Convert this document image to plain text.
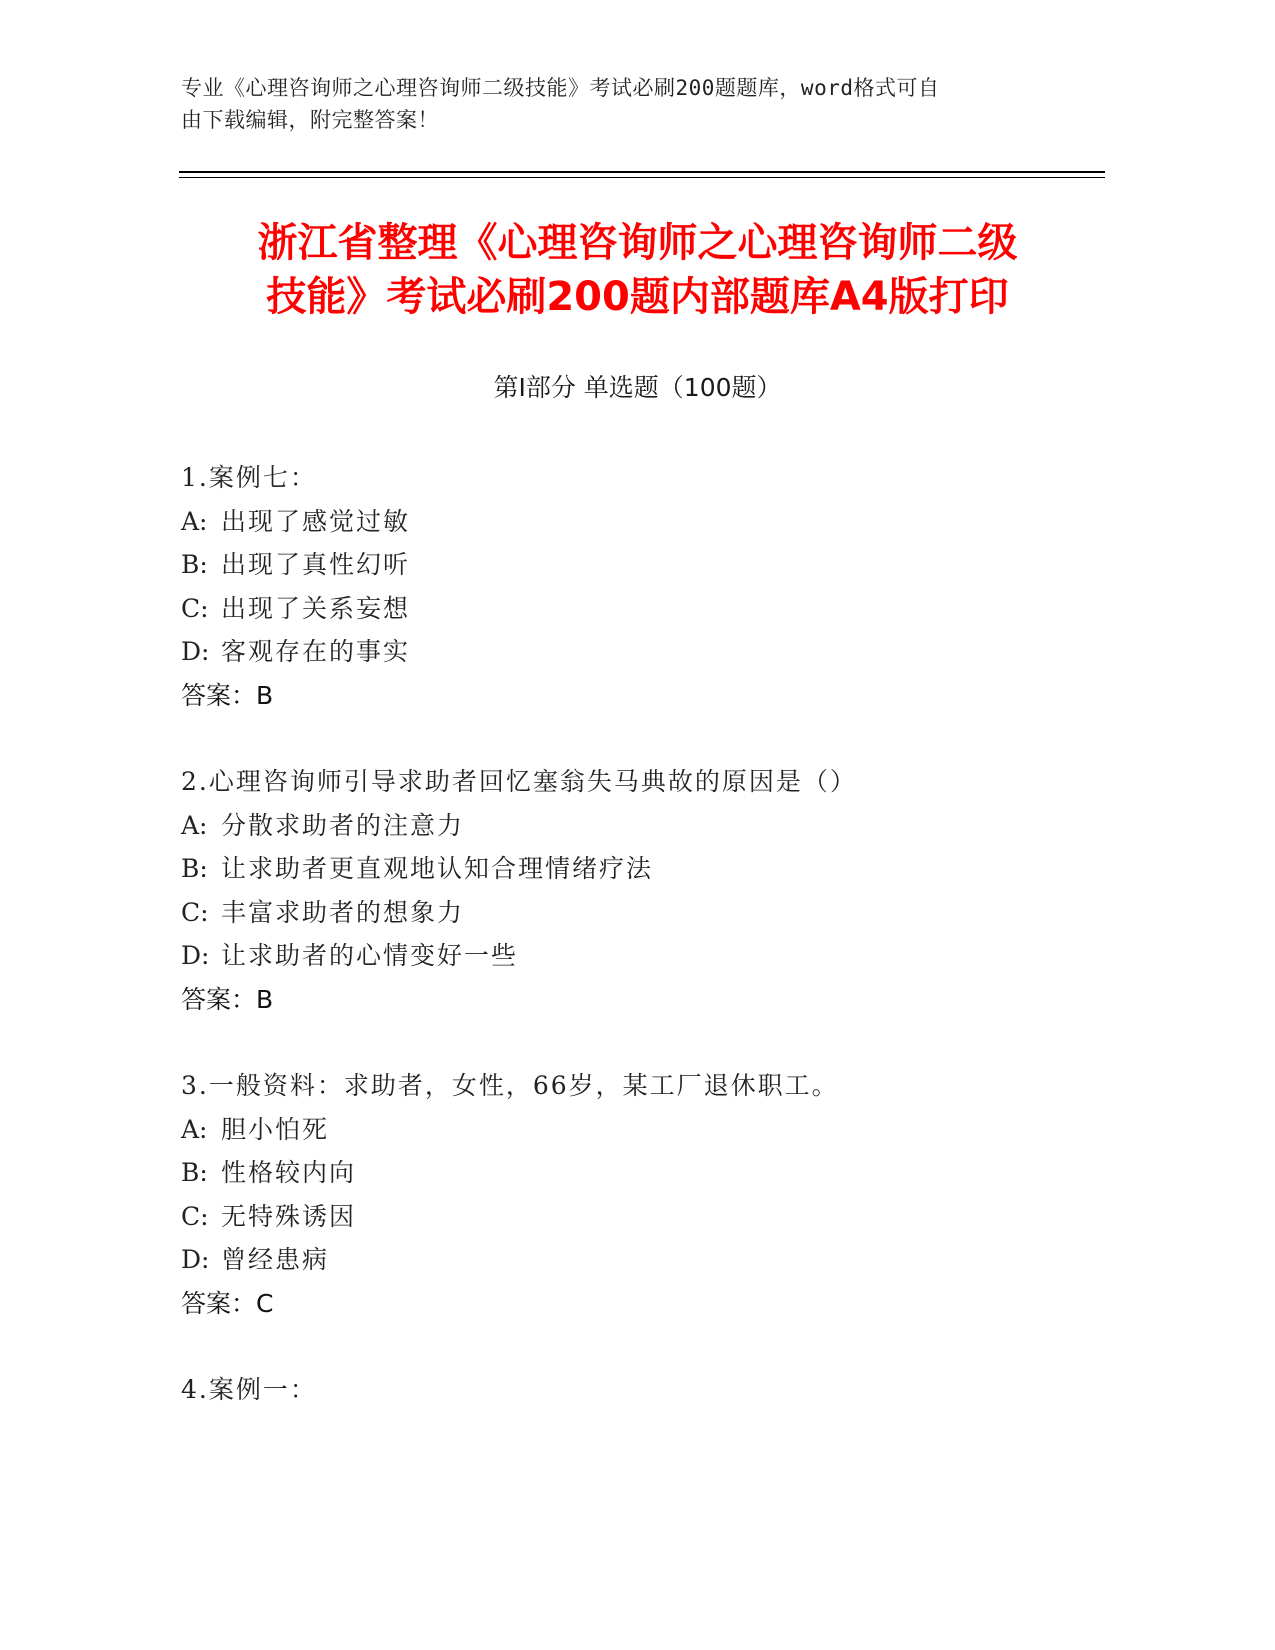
专业《心理咨询师之心理咨询师二级技能》考试必刷200题题库，word格式可自
由下载编辑，附完整答案！
浙江省整理《心理咨询师之心理咨询师二级
技能》考试必刷200题内部题库A4版打印
第Ⅰ部分 单选题（100题）
1.案例七：
A: 出现了感觉过敏
B: 出现了真性幻听
C: 出现了关系妄想
D: 客观存在的事实
答案：B
2.心理咨询师引导求助者回忆塞翁失马典故的原因是（）
A: 分散求助者的注意力
B: 让求助者更直观地认知合理情绪疗法
C: 丰富求助者的想象力
D: 让求助者的心情变好一些
答案：B
3.一般资料：求助者，女性，66岁，某工厂退休职工。
A: 胆小怕死
B: 性格较内向
C: 无特殊诱因
D: 曾经患病
答案：C
4.案例一：
